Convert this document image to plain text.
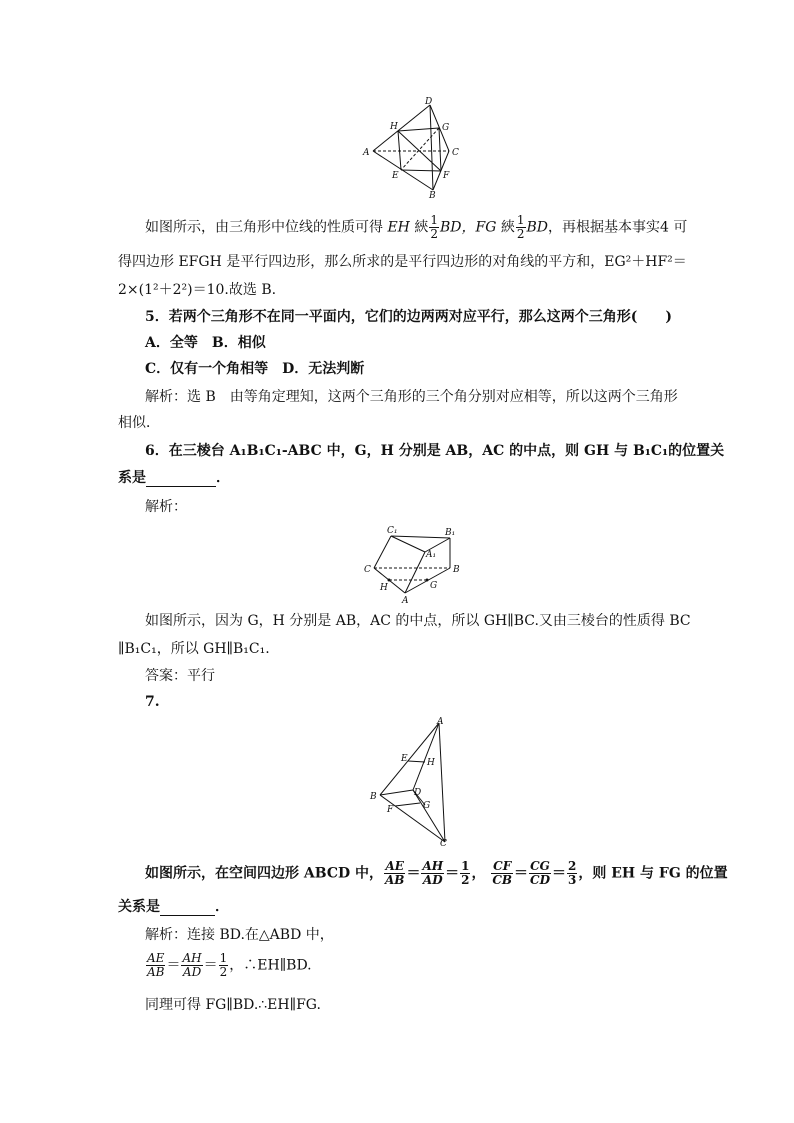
D
H	G
A	C
E	F
B
如图所示，由三角形中位线的性质可得 EH 綊 $\frac{1}{2}$ BD，FG 綊 $\frac{1}{2}$ BD，再根据基本事实4 可
得四边形 EFGH 是平行四边形，那么所求的是平行四边形的对角线的平方和，EG²＋HF²＝
2×(1²＋2²)＝10.故选 B.
5．若两个三角形不在同一平面内，它们的边两两对应平行，那么这两个三角形(　　)
A．全等　B．相似
C．仅有一个角相等　D．无法判断
解析：选 B　由等角定理知，这两个三角形的三个角分别对应相等，所以这两个三角形
相似．
6．在三棱台 A₁B₁C₁-ABC 中，G，H 分别是 AB，AC 的中点，则 GH 与 B₁C₁的位置关
系是	．
解析：
C₁	B₁
A₁
C	B
H	G
A
如图所示，因为 G，H 分别是 AB，AC 的中点，所以 GH∥BC.又由三棱台的性质得 BC
∥B₁C₁，所以 GH∥B₁C₁.
答案：平行
7.
A
E H
B	D
G
F
C
如图所示，在空间四边形 ABCD 中， $\frac{AE}{AB} = \frac{AH}{AD} = \frac{1}{2}$ ， $\frac{CF}{CB} = \frac{CG}{CD} = \frac{2}{3}$ ，则 EH 与 FG 的位置
关系是	．
解析：连接 BD.在△ABD 中，
$\frac{AE}{AB} = \frac{AH}{AD} = \frac{1}{2}$ ，∴EH∥BD.
同理可得 FG∥BD.∴EH∥FG.
